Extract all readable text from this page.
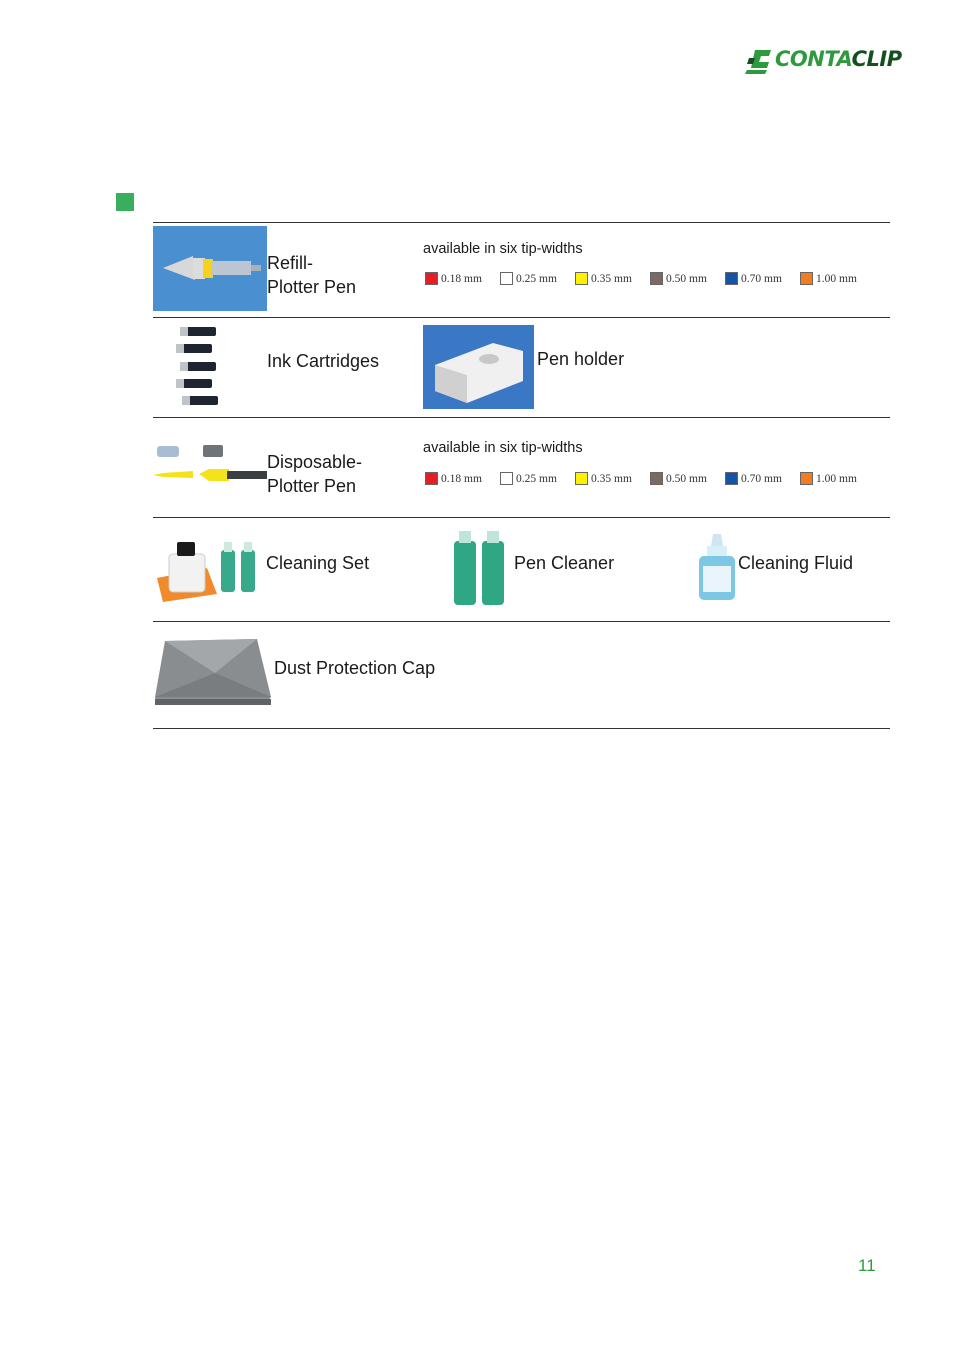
CONTACLIP
Refill-
Plotter Pen
available in six tip-widths
0.18 mm	0.25 mm	0.35 mm	0.50 mm	0.70 mm	1.00 mm
Ink Cartridges	Pen holder
Disposable-
Plotter Pen
available in six tip-widths
0.18 mm	0.25 mm	0.35 mm	0.50 mm	0.70 mm	1.00 mm
Cleaning Set	Pen Cleaner	Cleaning Fluid
Dust Protection Cap
11
